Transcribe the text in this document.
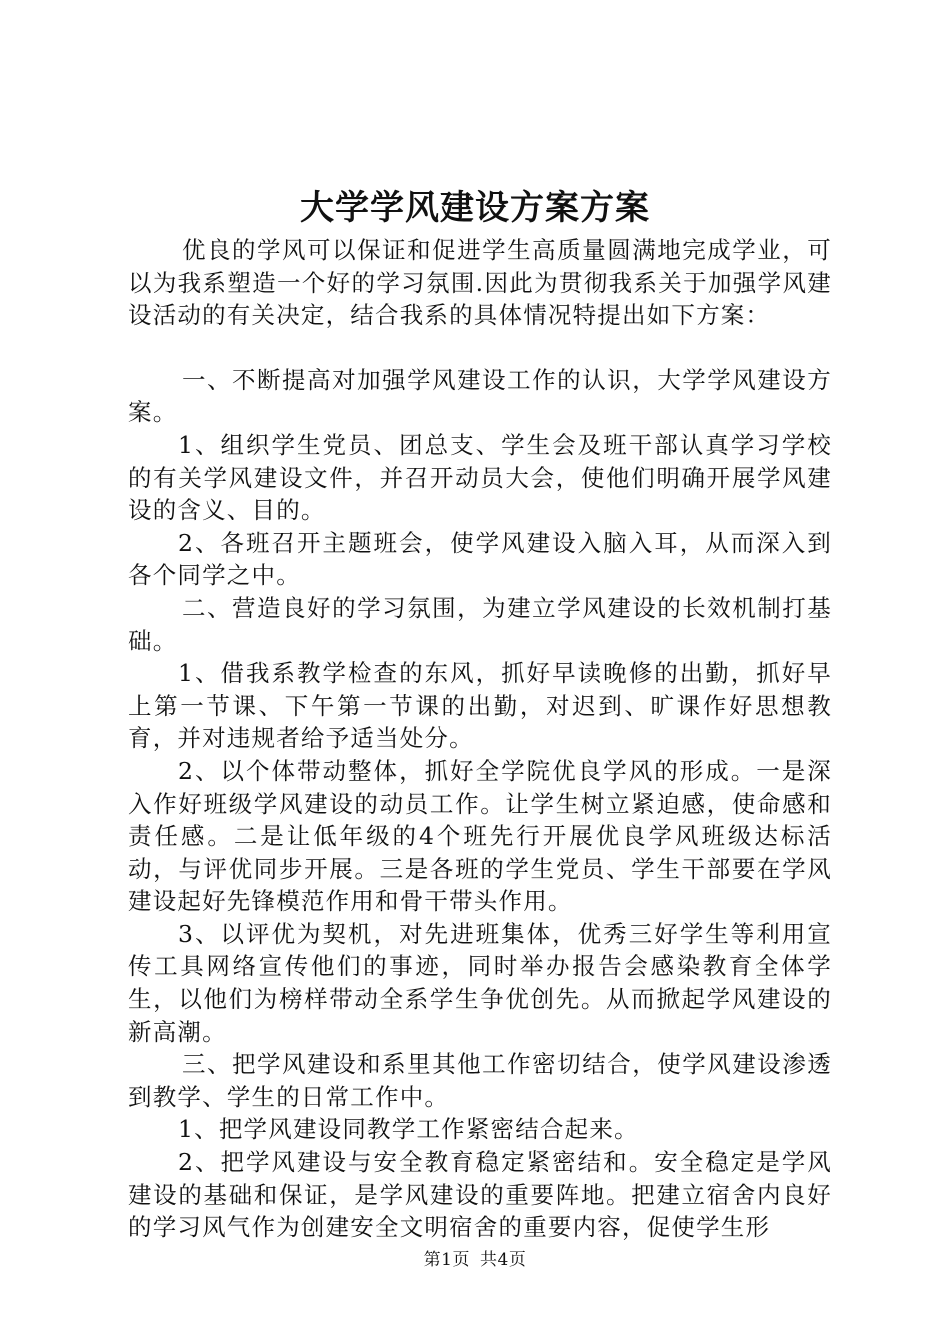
大学学风建设方案方案

优良的学风可以保证和促进学生高质量圆满地完成学业，可以为我系塑造一个好的学习氛围.因此为贯彻我系关于加强学风建设活动的有关决定，结合我系的具体情况特提出如下方案：

一、不断提高对加强学风建设工作的认识，大学学风建设方案。

1、组织学生党员、团总支、学生会及班干部认真学习学校的有关学风建设文件，并召开动员大会，使他们明确开展学风建设的含义、目的。

2、各班召开主题班会，使学风建设入脑入耳，从而深入到各个同学之中。

二、营造良好的学习氛围，为建立学风建设的长效机制打基础。

1、借我系教学检查的东风，抓好早读晚修的出勤，抓好早上第一节课、下午第一节课的出勤，对迟到、旷课作好思想教育，并对违规者给予适当处分。

2、以个体带动整体，抓好全学院优良学风的形成。一是深入作好班级学风建设的动员工作。让学生树立紧迫感，使命感和责任感。二是让低年级的4个班先行开展优良学风班级达标活动，与评优同步开展。三是各班的学生党员、学生干部要在学风建设起好先锋模范作用和骨干带头作用。

3、以评优为契机，对先进班集体，优秀三好学生等利用宣传工具网络宣传他们的事迹，同时举办报告会感染教育全体学生，以他们为榜样带动全系学生争优创先。从而掀起学风建设的新高潮。

三、把学风建设和系里其他工作密切结合，使学风建设渗透到教学、学生的日常工作中。

1、把学风建设同教学工作紧密结合起来。

2、把学风建设与安全教育稳定紧密结和。安全稳定是学风建设的基础和保证，是学风建设的重要阵地。把建立宿舍内良好的学习风气作为创建安全文明宿舍的重要内容，促使学生形

第1页 共4页
